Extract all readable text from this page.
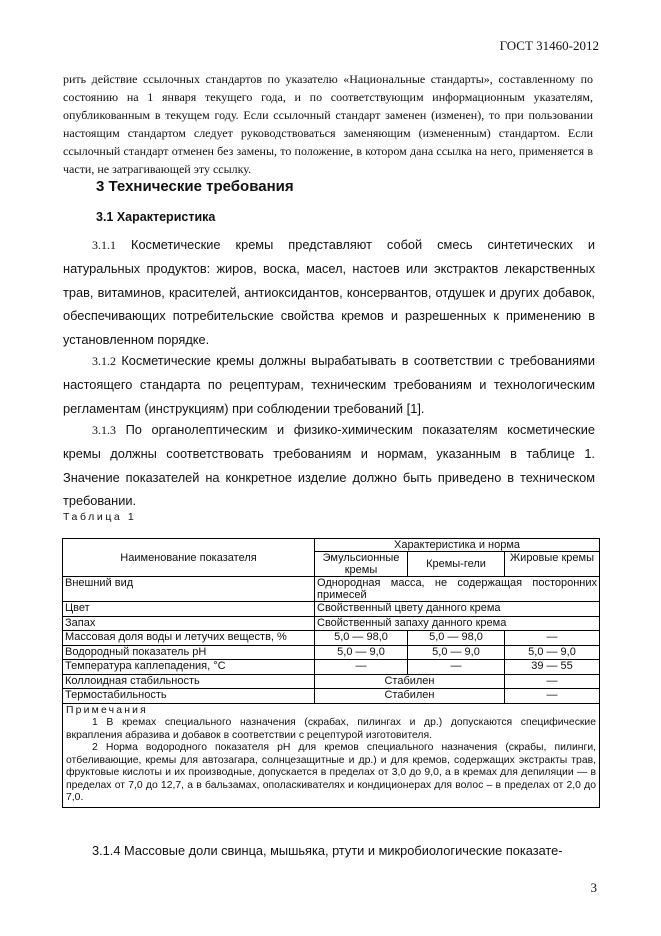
ГОСТ 31460-2012

рить действие ссылочных стандартов по указателю «Национальные стандарты», составленному по состоянию на 1 января текущего года, и по соответствующим информационным указателям, опубликованным в текущем году. Если ссылочный стандарт заменен (изменен), то при пользовании настоящим стандартом следует руководствоваться заменяющим (измененным) стандартом. Если ссылочный стандарт отменен без замены, то положение, в котором дана ссылка на него, применяется в части, не затрагивающей эту ссылку.

3 Технические требования
3.1 Характеристика

3.1.1 Косметические кремы представляют собой смесь синтетических и натуральных продуктов: жиров, воска, масел, настоев или экстрактов лекарственных трав, витаминов, красителей, антиоксидантов, консервантов, отдушек и других добавок, обеспечивающих потребительские свойства кремов и разрешенных к применению в установленном порядке.

3.1.2 Косметические кремы должны вырабатывать в соответствии с требованиями настоящего стандарта по рецептурам, техническим требованиям и технологическим регламентам (инструкциям) при соблюдении требований [1].

3.1.3 По органолептическим и физико-химическим показателям косметические кремы должны соответствовать требованиям и нормам, указанным в таблице 1. Значение показателей на конкретное изделие должно быть приведено в техническом требовании.

Таблица 1

Наименование показателя	Характеристика и норма		
	Эмульсионные кремы	Кремы-гели	Жировые кремы
Внешний вид	Однородная масса, не содержащая посторонних примесей		
Цвет	Свойственный цвету данного крема		
Запах	Свойственный запаху данного крема		
Массовая доля воды и летучих веществ, %	5,0 — 98,0	5,0 — 98,0	—
Водородный показатель pH	5,0 — 9,0	5,0 — 9,0	5,0 — 9,0
Температура каплепадения, °С	—	—	39 — 55
Коллоидная стабильность	Стабилен		—
Термостабильность	Стабилен		—

Примечания
1 В кремах специального назначения (скрабах, пилингах и др.) допускаются специфические вкрапления абразива и добавок в соответствии с рецептурой изготовителя.
2 Норма водородного показателя pH для кремов специального назначения (скрабы, пилинги, отбеливающие, кремы для автозагара, солнцезащитные и др.) и для кремов, содержащих экстракты трав, фруктовые кислоты и их производные, допускается в пределах от 3,0 до 9,0, а в кремах для депиляции — в пределах от 7,0 до 12,7, а в бальзамах, ополаскивателях и кондиционерах для волос – в пределах от 2,0 до 7,0.			

3.1.4 Массовые доли свинца, мышьяка, ртути и микробиологические показате-

3
